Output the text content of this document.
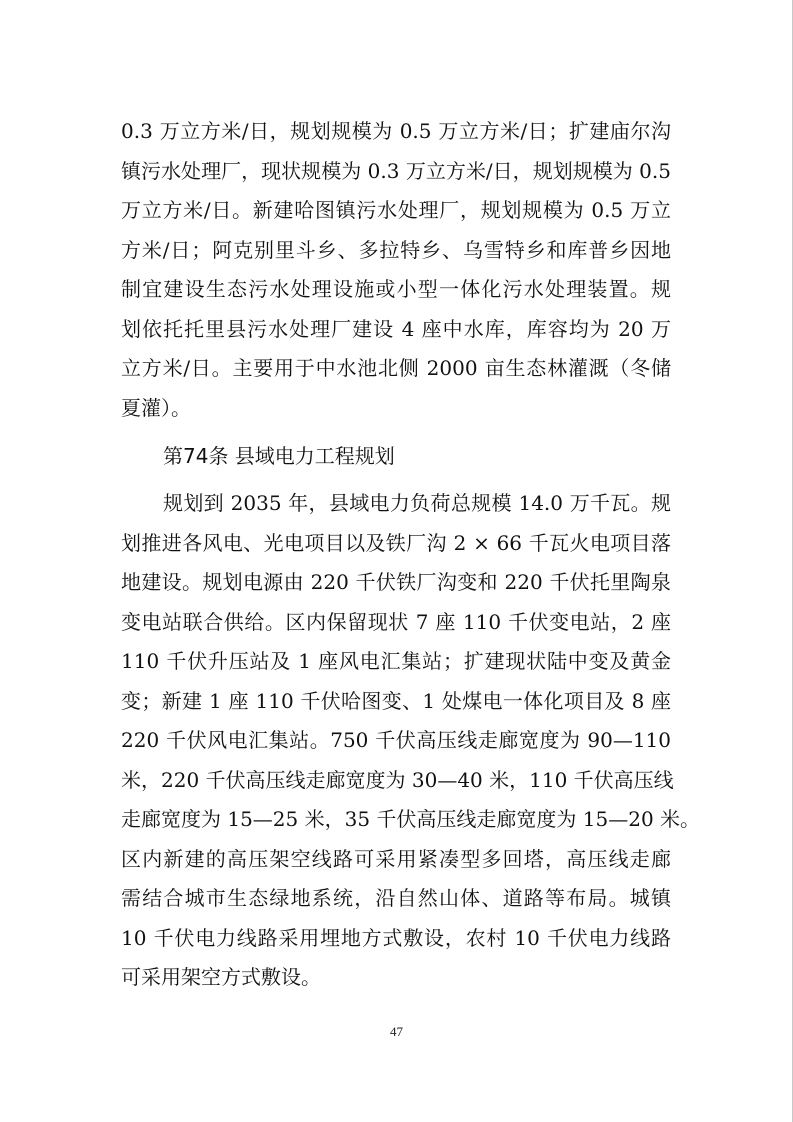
0.3 万立方米/日，规划规模为 0.5 万立方米/日；扩建庙尔沟
镇污水处理厂，现状规模为 0.3 万立方米/日，规划规模为 0.5
万立方米/日。新建哈图镇污水处理厂，规划规模为 0.5 万立
方米/日；阿克别里斗乡、多拉特乡、乌雪特乡和库普乡因地
制宜建设生态污水处理设施或小型一体化污水处理装置。规
划依托托里县污水处理厂建设 4 座中水库，库容均为 20 万
立方米/日。主要用于中水池北侧 2000 亩生态林灌溉（冬储
夏灌）。
第74条 县域电力工程规划
规划到 2035 年，县域电力负荷总规模 14.0 万千瓦。规
划推进各风电、光电项目以及铁厂沟 2 × 66 千瓦火电项目落
地建设。规划电源由 220 千伏铁厂沟变和 220 千伏托里陶泉
变电站联合供给。区内保留现状 7 座 110 千伏变电站，2 座
110 千伏升压站及 1 座风电汇集站；扩建现状陆中变及黄金
变；新建 1 座 110 千伏哈图变、1 处煤电一体化项目及 8 座
220 千伏风电汇集站。750 千伏高压线走廊宽度为 90—110
米，220 千伏高压线走廊宽度为 30—40 米，110 千伏高压线
走廊宽度为 15—25 米，35 千伏高压线走廊宽度为 15—20 米。
区内新建的高压架空线路可采用紧凑型多回塔，高压线走廊
需结合城市生态绿地系统，沿自然山体、道路等布局。城镇
10 千伏电力线路采用埋地方式敷设，农村 10 千伏电力线路
可采用架空方式敷设。
47
